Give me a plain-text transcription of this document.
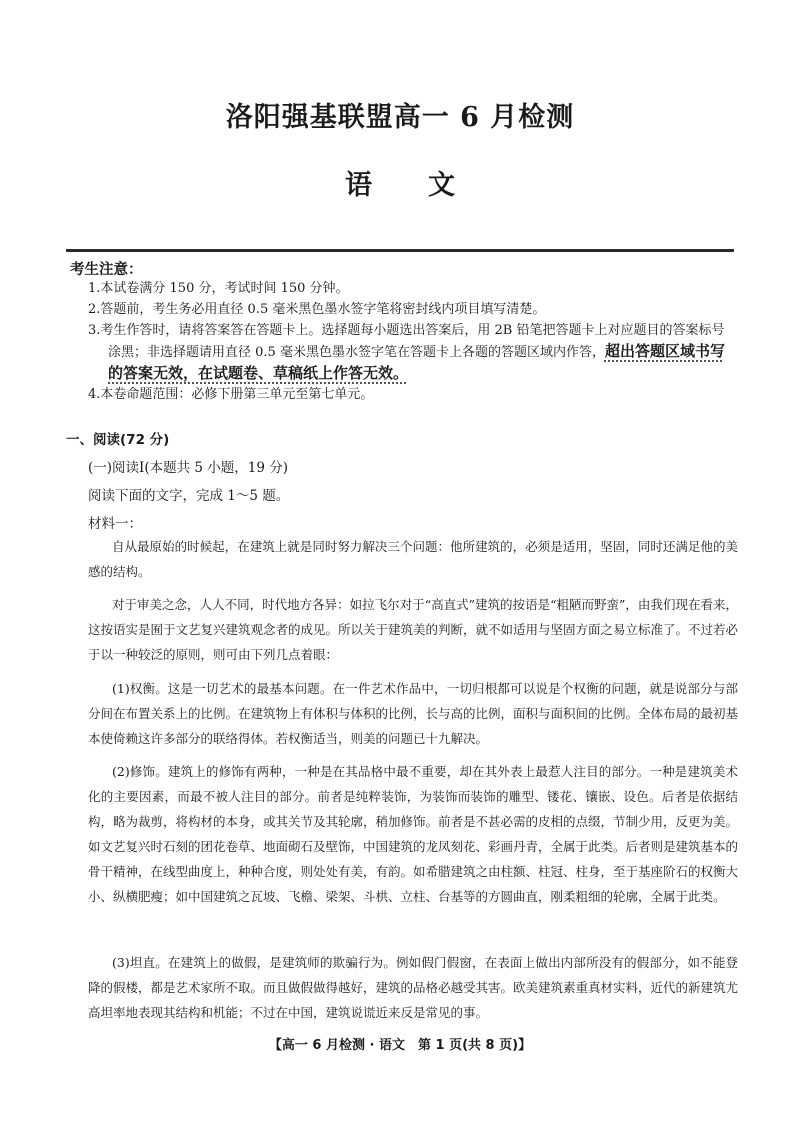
洛阳强基联盟高一 6 月检测
语 文
考生注意：
1.本试卷满分 150 分，考试时间 150 分钟。
2.答题前，考生务必用直径 0.5 毫米黑色墨水签字笔将密封线内项目填写清楚。
3.考生作答时，请将答案答在答题卡上。选择题每小题选出答案后，用 2B 铅笔把答题卡上对应题目的答案标号
涂黑；非选择题请用直径 0.5 毫米黑色墨水签字笔在答题卡上各题的答题区域内作答，超出答题区域书写
的答案无效，在试题卷、草稿纸上作答无效。
4.本卷命题范围：必修下册第三单元至第七单元。
一、阅读(72 分)
(一)阅读Ⅰ(本题共 5 小题，19 分)
阅读下面的文字，完成 1～5 题。
材料一：

自从最原始的时候起，在建筑上就是同时努力解决三个问题：他所建筑的，必须是适用，坚固，同时还满足他的美感的结构。

对于审美之念，人人不同，时代地方各异：如拉飞尔对于“高直式”建筑的按语是“粗陋而野蛮”，由我们现在看来，这按语实是囿于文艺复兴建筑观念者的成见。所以关于建筑美的判断，就不如适用与坚固方面之易立标准了。不过若必于以一种较泛的原则，则可由下列几点着眼：

(1)权衡。这是一切艺术的最基本问题。在一件艺术作品中，一切归根都可以说是个权衡的问题，就是说部分与部分间在布置关系上的比例。在建筑物上有体积与体积的比例，长与高的比例，面积与面积间的比例。全体布局的最初基本使倚赖这许多部分的联络得体。若权衡适当，则美的问题已十九解决。

(2)修饰。建筑上的修饰有两种，一种是在其品格中最不重要，却在其外表上最惹人注目的部分。一种是建筑美术化的主要因素，而最不被人注目的部分。前者是纯粹装饰，为装饰而装饰的雕型、镂花、镶嵌、设色。后者是依据结构，略为裁剪，将构材的本身，或其关节及其轮廓，稍加修饰。前者是不甚必需的皮相的点缀，节制少用，反更为美。如文艺复兴时石刻的团花卷草、地面砌石及壁饰，中国建筑的龙凤刻花、彩画丹青，全属于此类。后者则是建筑基本的骨干精神，在线型曲度上，种种合度，则处处有美，有韵。如希腊建筑之由柱额、柱冠、柱身，至于基座阶石的权衡大小、纵横肥瘦；如中国建筑之瓦坡、飞檐、梁架、斗栱、立柱、台基等的方圆曲直，刚柔粗细的轮廓，全属于此类。

(3)坦直。在建筑上的做假，是建筑师的欺骗行为。例如假门假窗，在表面上做出内部所没有的假部分，如不能登降的假楼，都是艺术家所不取。而且做假做得越好，建筑的品格必越受其害。欧美建筑素重真材实料，近代的新建筑尤高坦率地表现其结构和机能；不过在中国，建筑说谎近来反是常见的事。

【高一 6 月检测 · 语文　第 1 页(共 8 页)】
